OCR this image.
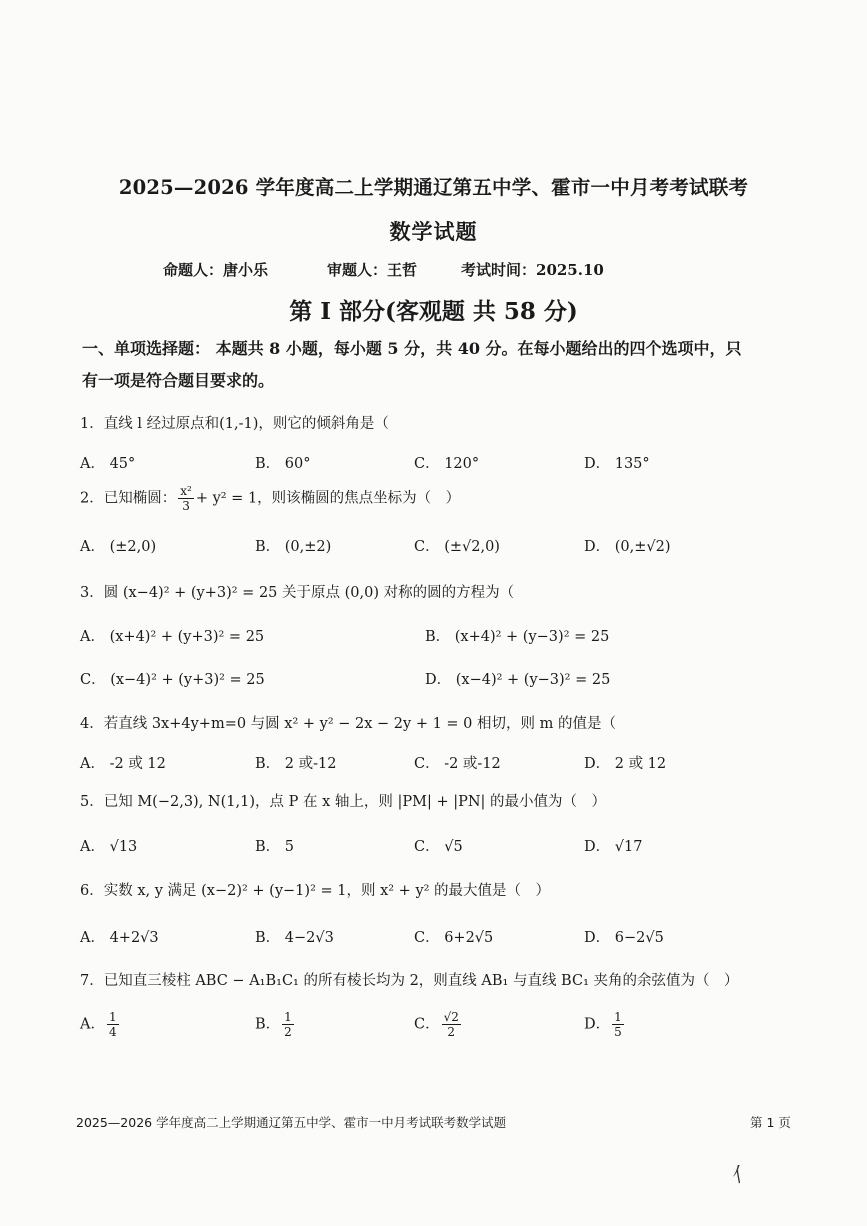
2025—2026 学年度高二上学期通辽第五中学、霍市一中月考考试联考
数学试题
命题人：唐小乐	审题人：王哲	考试时间：2025.10
第 I 部分(客观题 共 58 分)
一、单项选择题： 本题共 8 小题，每小题 5 分，共 40 分。在每小题给出的四个选项中，只
有一项是符合题目要求的。
1．直线 l 经过原点和(1,-1)，则它的倾斜角是（
A． 45°	B． 60°	C． 120°	D． 135°
2．已知椭圆： $\frac{\text{x²}}{3} + y^2 = 1$，则该椭圆的焦点坐标为（　）
A． (±2,0)	B． (0,±2)	C． (±√2,0)	D． (0,±√2)
3．圆 (x−4)² + (y+3)² = 25 关于原点 (0,0) 对称的圆的方程为（
A． (x+4)² + (y+3)² = 25	B． (x+4)² + (y−3)² = 25
C． (x−4)² + (y+3)² = 25	D． (x−4)² + (y−3)² = 25
4．若直线 3x+4y+m=0 与圆 x² + y² − 2x − 2y + 1 = 0 相切，则 m 的值是（
A． -2 或 12	B． 2 或-12	C． -2 或-12	D． 2 或 12
5．已知 M(−2,3), N(1,1)，点 P 在 x 轴上，则 |PM| + |PN| 的最小值为（　）
A． √13	B． 5	C． √5	D． √17
6．实数 x, y 满足 (x−2)² + (y−1)² = 1，则 x² + y² 的最大值是（　）
A． 4+2√3	B． 4−2√3	C． 6+2√5	D． 6−2√5
7．已知直三棱柱 ABC − A₁B₁C₁ 的所有棱长均为 2，则直线 AB₁ 与直线 BC₁ 夹角的余弦值为（　）
A． $\frac{1}{4}$	B． $\frac{1}{2}$	C． $\frac{√2}{2}$	D． $\frac{1}{5}$
2025—2026 学年度高二上学期通辽第五中学、霍市一中月考试联考数学试题	第 1 页
⺅
